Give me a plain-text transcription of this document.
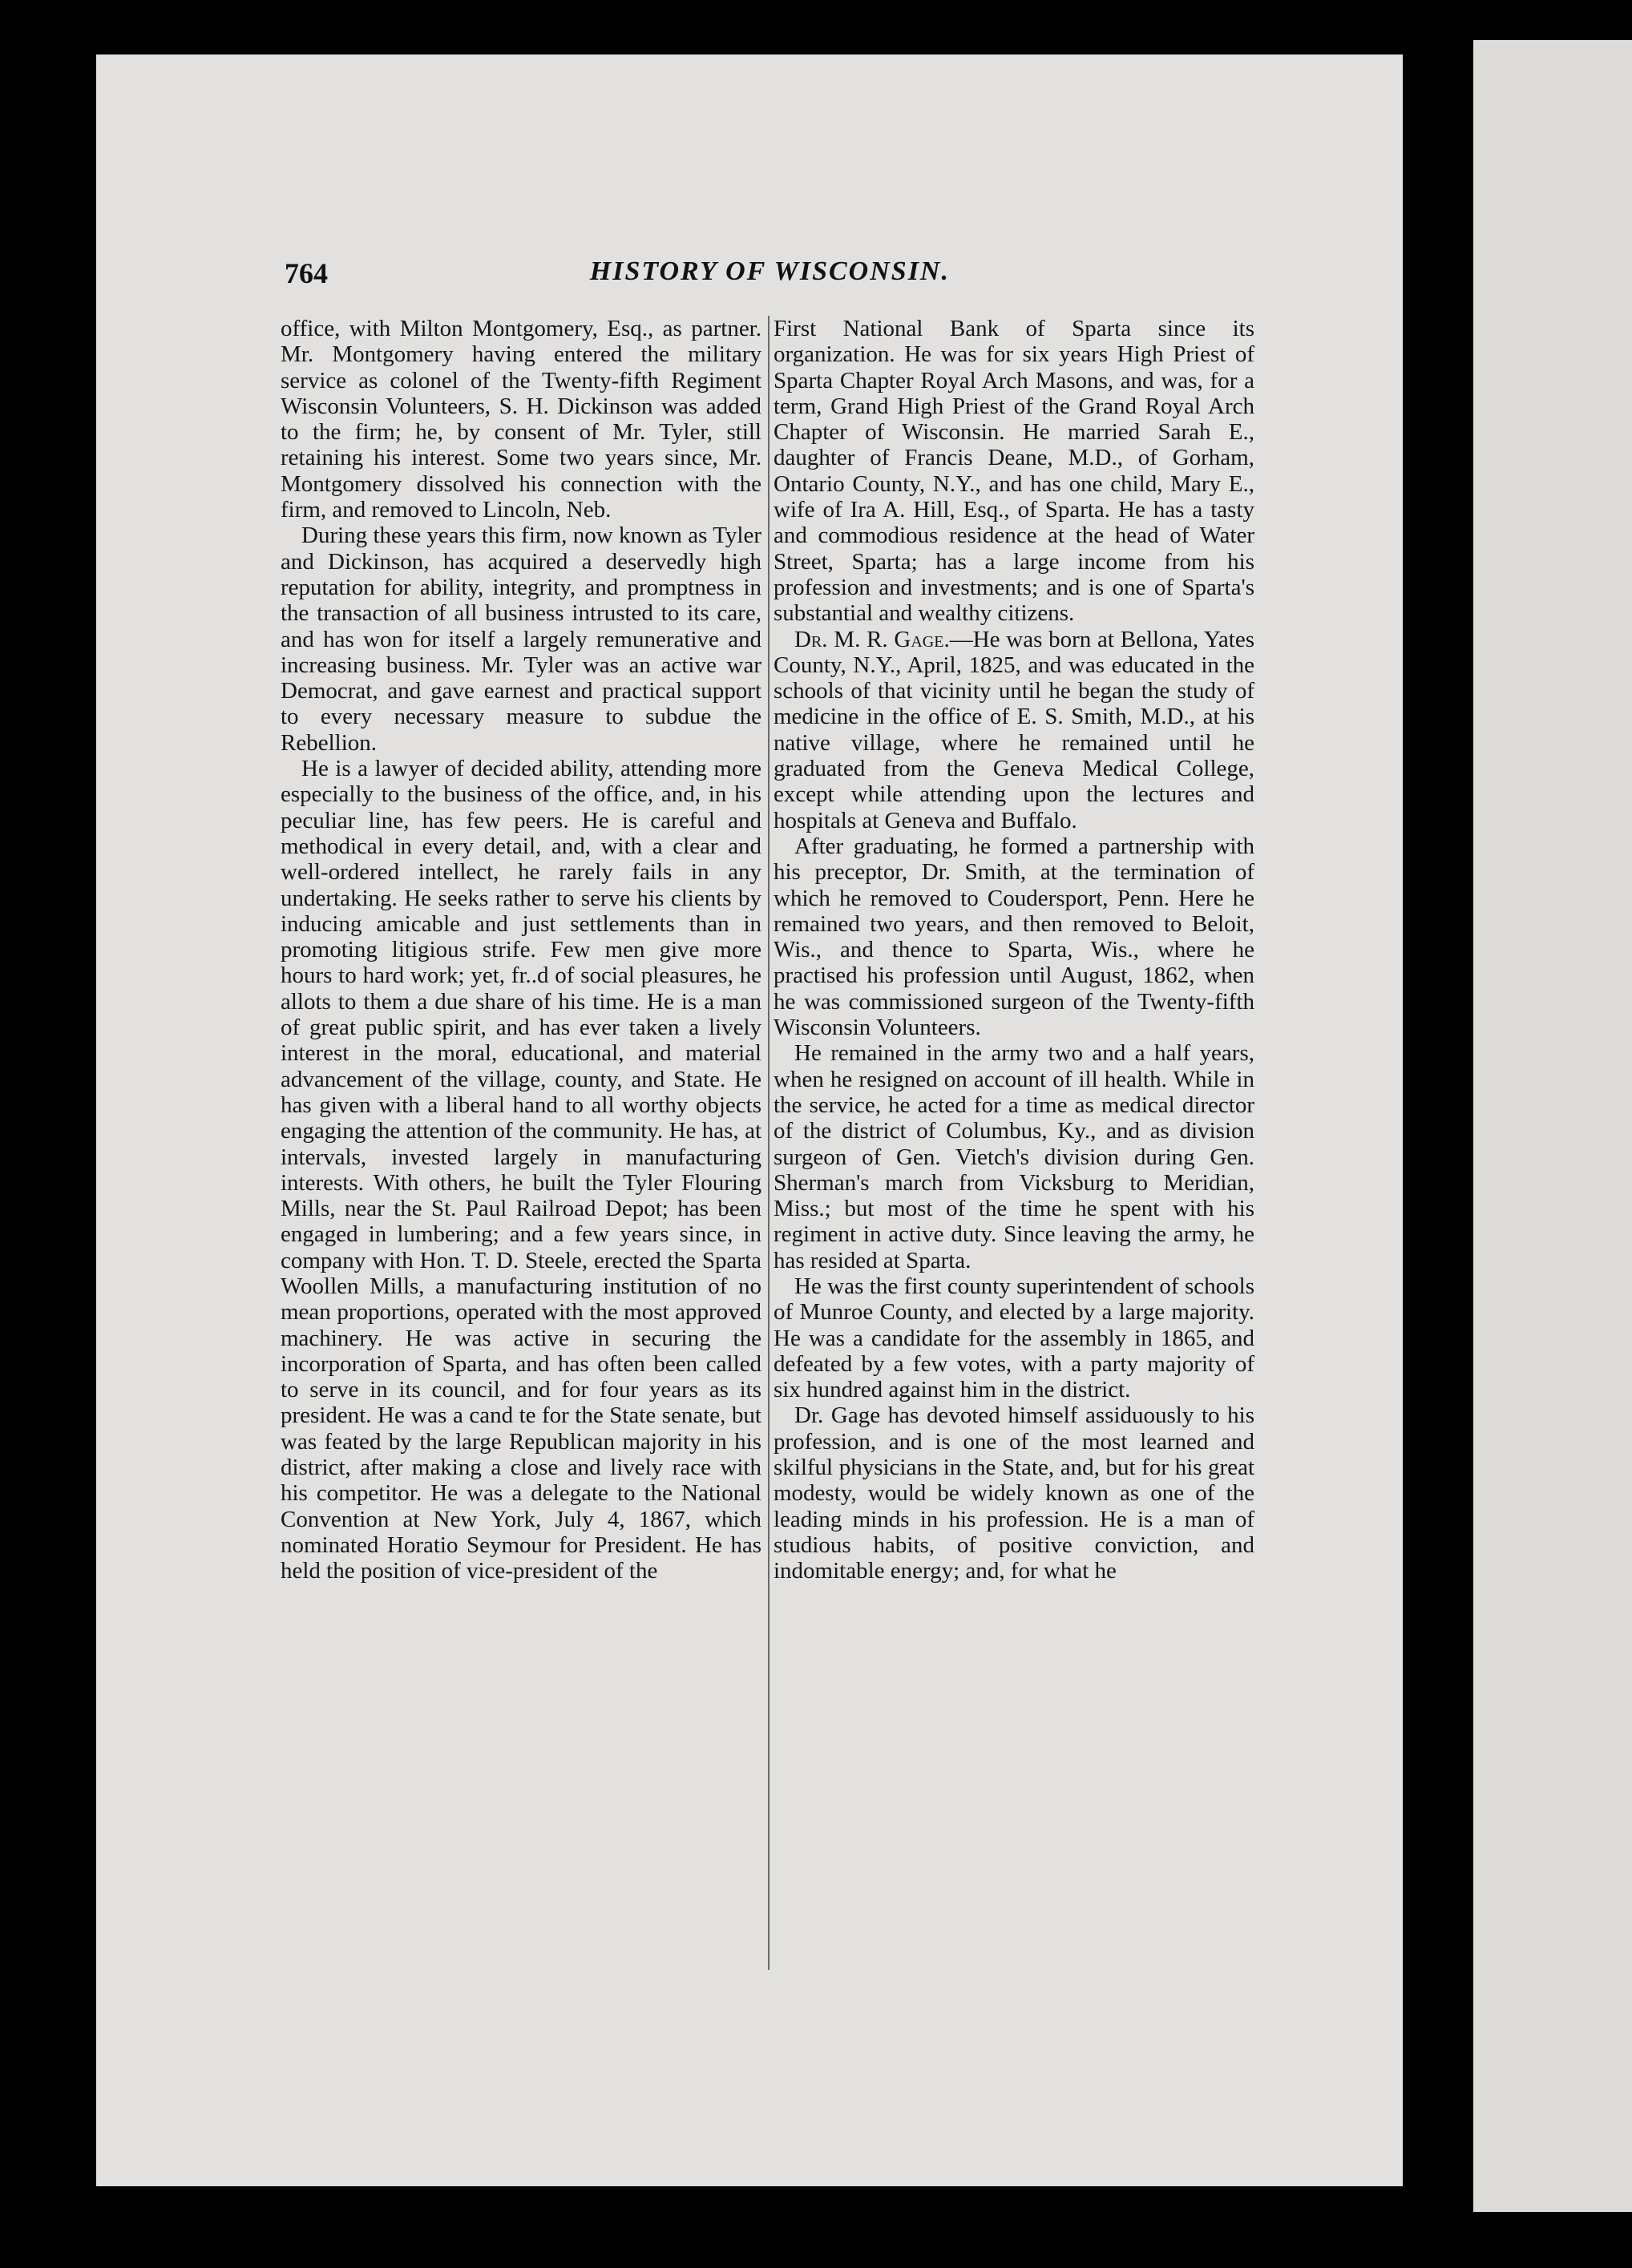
764	HISTORY OF WISCONSIN.

office, with Milton Montgomery, Esq., as partner. Mr. Montgomery having entered the military service as colonel of the Twenty-fifth Regiment Wisconsin Volunteers, S. H. Dickinson was added to the firm; he, by consent of Mr. Tyler, still retaining his interest. Some two years since, Mr. Montgomery dissolved his connection with the firm, and removed to Lincoln, Neb.

During these years this firm, now known as Tyler and Dickinson, has acquired a deservedly high reputation for ability, integrity, and promptness in the transaction of all business intrusted to its care, and has won for itself a largely remunerative and increasing business. Mr. Tyler was an active war Democrat, and gave earnest and practical support to every necessary measure to subdue the Rebellion.

He is a lawyer of decided ability, attending more especially to the business of the office, and, in his peculiar line, has few peers. He is careful and methodical in every detail, and, with a clear and well-ordered intellect, he rarely fails in any undertaking. He seeks rather to serve his clients by inducing amicable and just settlements than in promoting litigious strife. Few men give more hours to hard work; yet, fr..d of social pleasures, he allots to them a due share of his time. He is a man of great public spirit, and has ever taken a lively interest in the moral, educational, and material advancement of the village, county, and State. He has given with a liberal hand to all worthy objects engaging the attention of the community. He has, at intervals, invested largely in manufacturing interests. With others, he built the Tyler Flouring Mills, near the St. Paul Railroad Depot; has been engaged in lumbering; and a few years since, in company with Hon. T. D. Steele, erected the Sparta Woollen Mills, a manufacturing institution of no mean proportions, operated with the most approved machinery. He was active in securing the incorporation of Sparta, and has often been called to serve in its council, and for four years as its president. He was a cand te for the State senate, but was feated by the large Republican majority in his district, after making a close and lively race with his competitor. He was a delegate to the National Convention at New York, July 4, 1867, which nominated Horatio Seymour for President. He has held the position of vice-president of the

First National Bank of Sparta since its organization. He was for six years High Priest of Sparta Chapter Royal Arch Masons, and was, for a term, Grand High Priest of the Grand Royal Arch Chapter of Wisconsin. He married Sarah E., daughter of Francis Deane, M.D., of Gorham, Ontario County, N.Y., and has one child, Mary E., wife of Ira A. Hill, Esq., of Sparta. He has a tasty and commodious residence at the head of Water Street, Sparta; has a large income from his profession and investments; and is one of Sparta's substantial and wealthy citizens.

Dr. M. R. Gage.—He was born at Bellona, Yates County, N.Y., April, 1825, and was educated in the schools of that vicinity until he began the study of medicine in the office of E. S. Smith, M.D., at his native village, where he remained until he graduated from the Geneva Medical College, except while attending upon the lectures and hospitals at Geneva and Buffalo.

After graduating, he formed a partnership with his preceptor, Dr. Smith, at the termination of which he removed to Coudersport, Penn. Here he remained two years, and then removed to Beloit, Wis., and thence to Sparta, Wis., where he practised his profession until August, 1862, when he was commissioned surgeon of the Twenty-fifth Wisconsin Volunteers.

He remained in the army two and a half years, when he resigned on account of ill health. While in the service, he acted for a time as medical director of the district of Columbus, Ky., and as division surgeon of Gen. Vietch's division during Gen. Sherman's march from Vicksburg to Meridian, Miss.; but most of the time he spent with his regiment in active duty. Since leaving the army, he has resided at Sparta.

He was the first county superintendent of schools of Munroe County, and elected by a large majority. He was a candidate for the assembly in 1865, and defeated by a few votes, with a party majority of six hundred against him in the district.

Dr. Gage has devoted himself assiduously to his profession, and is one of the most learned and skilful physicians in the State, and, but for his great modesty, would be widely known as one of the leading minds in his profession. He is a man of studious habits, of positive conviction, and indomitable energy; and, for what he
